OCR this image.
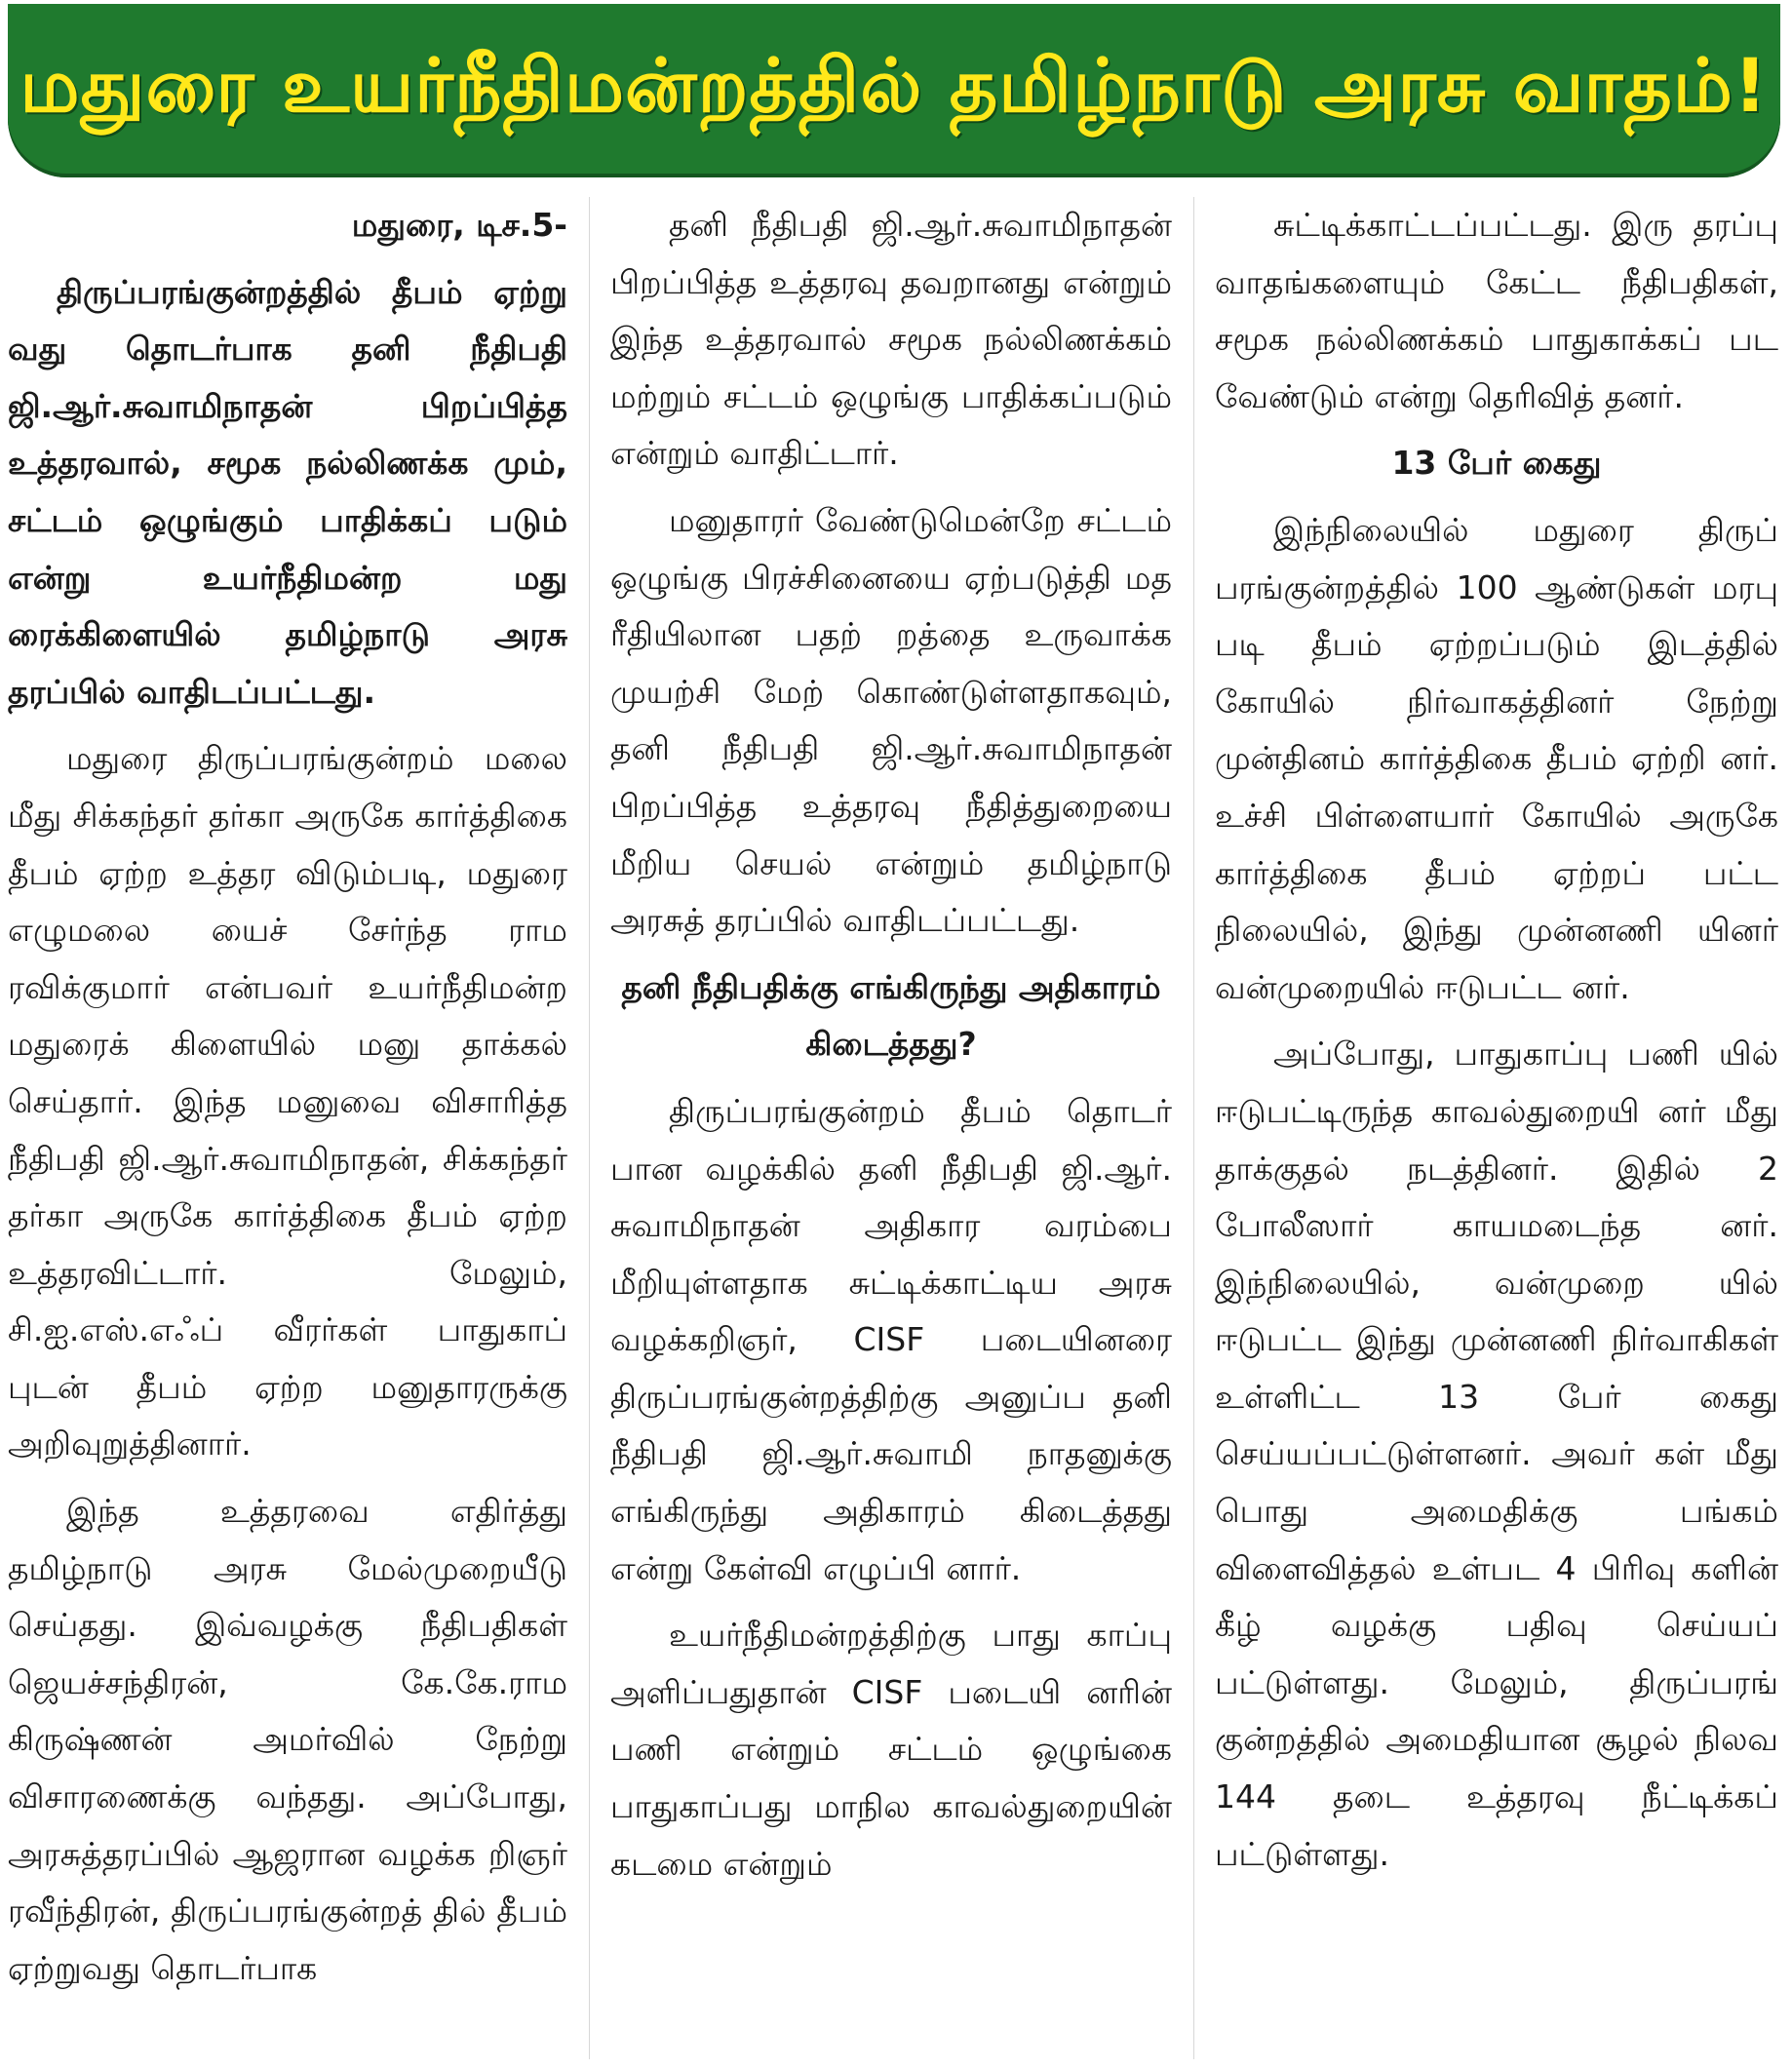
மதுரை உயர்நீதிமன்றத்தில் தமிழ்நாடு அரசு வாதம்!

மதுரை, டிச.5-

திருப்பரங்குன்றத்தில் தீபம் ஏற்று வது தொடர்பாக தனி நீதிபதி ஜி.ஆர்.சுவாமிநாதன் பிறப்பித்த உத்தரவால், சமூக நல்லிணக்க மும், சட்டம் ஒழுங்கும் பாதிக்கப் படும் என்று உயர்நீதிமன்ற மது ரைக்கிளையில் தமிழ்நாடு அரசு தரப்பில் வாதிடப்பட்டது.

மதுரை திருப்பரங்குன்றம் மலை மீது சிக்கந்தர் தர்கா அருகே கார்த்திகை தீபம் ஏற்ற உத்தர விடும்படி, மதுரை எழுமலை யைச் சேர்ந்த ராம ரவிக்குமார் என்பவர் உயர்நீதிமன்ற மதுரைக் கிளையில் மனு தாக்கல் செய்தார். இந்த மனுவை விசாரித்த நீதிபதி ஜி.ஆர்.சுவாமிநாதன், சிக்கந்தர் தர்கா அருகே கார்த்திகை தீபம் ஏற்ற உத்தரவிட்டார். மேலும், சி.ஐ.எஸ்.எஃப் வீரர்கள் பாதுகாப் புடன் தீபம் ஏற்ற மனுதாரருக்கு அறிவுறுத்தினார்.

இந்த உத்தரவை எதிர்த்து தமிழ்நாடு அரசு மேல்முறையீடு செய்தது. இவ்வழக்கு நீதிபதிகள் ஜெயச்சந்திரன், கே.கே.ராம கிருஷ்ணன் அமர்வில் நேற்று விசாரணைக்கு வந்தது. அப்போது, அரசுத்தரப்பில் ஆஜரான வழக்க றிஞர் ரவீந்திரன், திருப்பரங்குன்றத் தில் தீபம் ஏற்றுவது தொடர்பாக

தனி நீதிபதி ஜி.ஆர்.சுவாமிநாதன் பிறப்பித்த உத்தரவு தவறானது என்றும் இந்த உத்தரவால் சமூக நல்லிணக்கம் மற்றும் சட்டம் ஒழுங்கு பாதிக்கப்படும் என்றும் வாதிட்டார்.

மனுதாரர் வேண்டுமென்றே சட்டம் ஒழுங்கு பிரச்சினையை ஏற்படுத்தி மத ரீதியிலான பதற் றத்தை உருவாக்க முயற்சி மேற் கொண்டுள்ளதாகவும், தனி நீதிபதி ஜி.ஆர்.சுவாமிநாதன் பிறப்பித்த உத்தரவு நீதித்துறையை மீறிய செயல் என்றும் தமிழ்நாடு அரசுத் தரப்பில் வாதிடப்பட்டது.

தனி நீதிபதிக்கு எங்கிருந்து அதிகாரம் கிடைத்தது?

திருப்பரங்குன்றம் தீபம் தொடர் பான வழக்கில் தனி நீதிபதி ஜி.ஆர். சுவாமிநாதன் அதிகார வரம்பை மீறியுள்ளதாக சுட்டிக்காட்டிய அரசு வழக்கறிஞர், CISF படையினரை திருப்பரங்குன்றத்திற்கு அனுப்ப தனி நீதிபதி ஜி.ஆர்.சுவாமி நாதனுக்கு எங்கிருந்து அதிகாரம் கிடைத்தது என்று கேள்வி எழுப்பி னார்.

உயர்நீதிமன்றத்திற்கு பாது காப்பு அளிப்பதுதான் CISF படையி னரின் பணி என்றும் சட்டம் ஒழுங்கை பாதுகாப்பது மாநில காவல்துறையின் கடமை என்றும்

சுட்டிக்காட்டப்பட்டது. இரு தரப்பு வாதங்களையும் கேட்ட நீதிபதிகள், சமூக நல்லிணக்கம் பாதுகாக்கப் பட வேண்டும் என்று தெரிவித் தனர்.

13 பேர் கைது

இந்நிலையில் மதுரை திருப் பரங்குன்றத்தில் 100 ஆண்டுகள் மரபு படி தீபம் ஏற்றப்படும் இடத்தில் கோயில் நிர்வாகத்தினர் நேற்று முன்தினம் கார்த்திகை தீபம் ஏற்றி னர். உச்சி பிள்ளையார் கோயில் அருகே கார்த்திகை தீபம் ஏற்றப் பட்ட நிலையில், இந்து முன்னணி யினர் வன்முறையில் ஈடுபட்ட னர்.

அப்போது, பாதுகாப்பு பணி யில் ஈடுபட்டிருந்த காவல்துறையி னர் மீது தாக்குதல் நடத்தினர். இதில் 2 போலீஸார் காயமடைந்த னர். இந்நிலையில், வன்முறை யில் ஈடுபட்ட இந்து முன்னணி நிர்வாகிகள் உள்ளிட்ட 13 பேர் கைது செய்யப்பட்டுள்ளனர். அவர் கள் மீது பொது அமைதிக்கு பங்கம் விளைவித்தல் உள்பட 4 பிரிவு களின் கீழ் வழக்கு பதிவு செய்யப் பட்டுள்ளது. மேலும், திருப்பரங் குன்றத்தில் அமைதியான சூழல் நிலவ 144 தடை உத்தரவு நீட்டிக்கப் பட்டுள்ளது.
